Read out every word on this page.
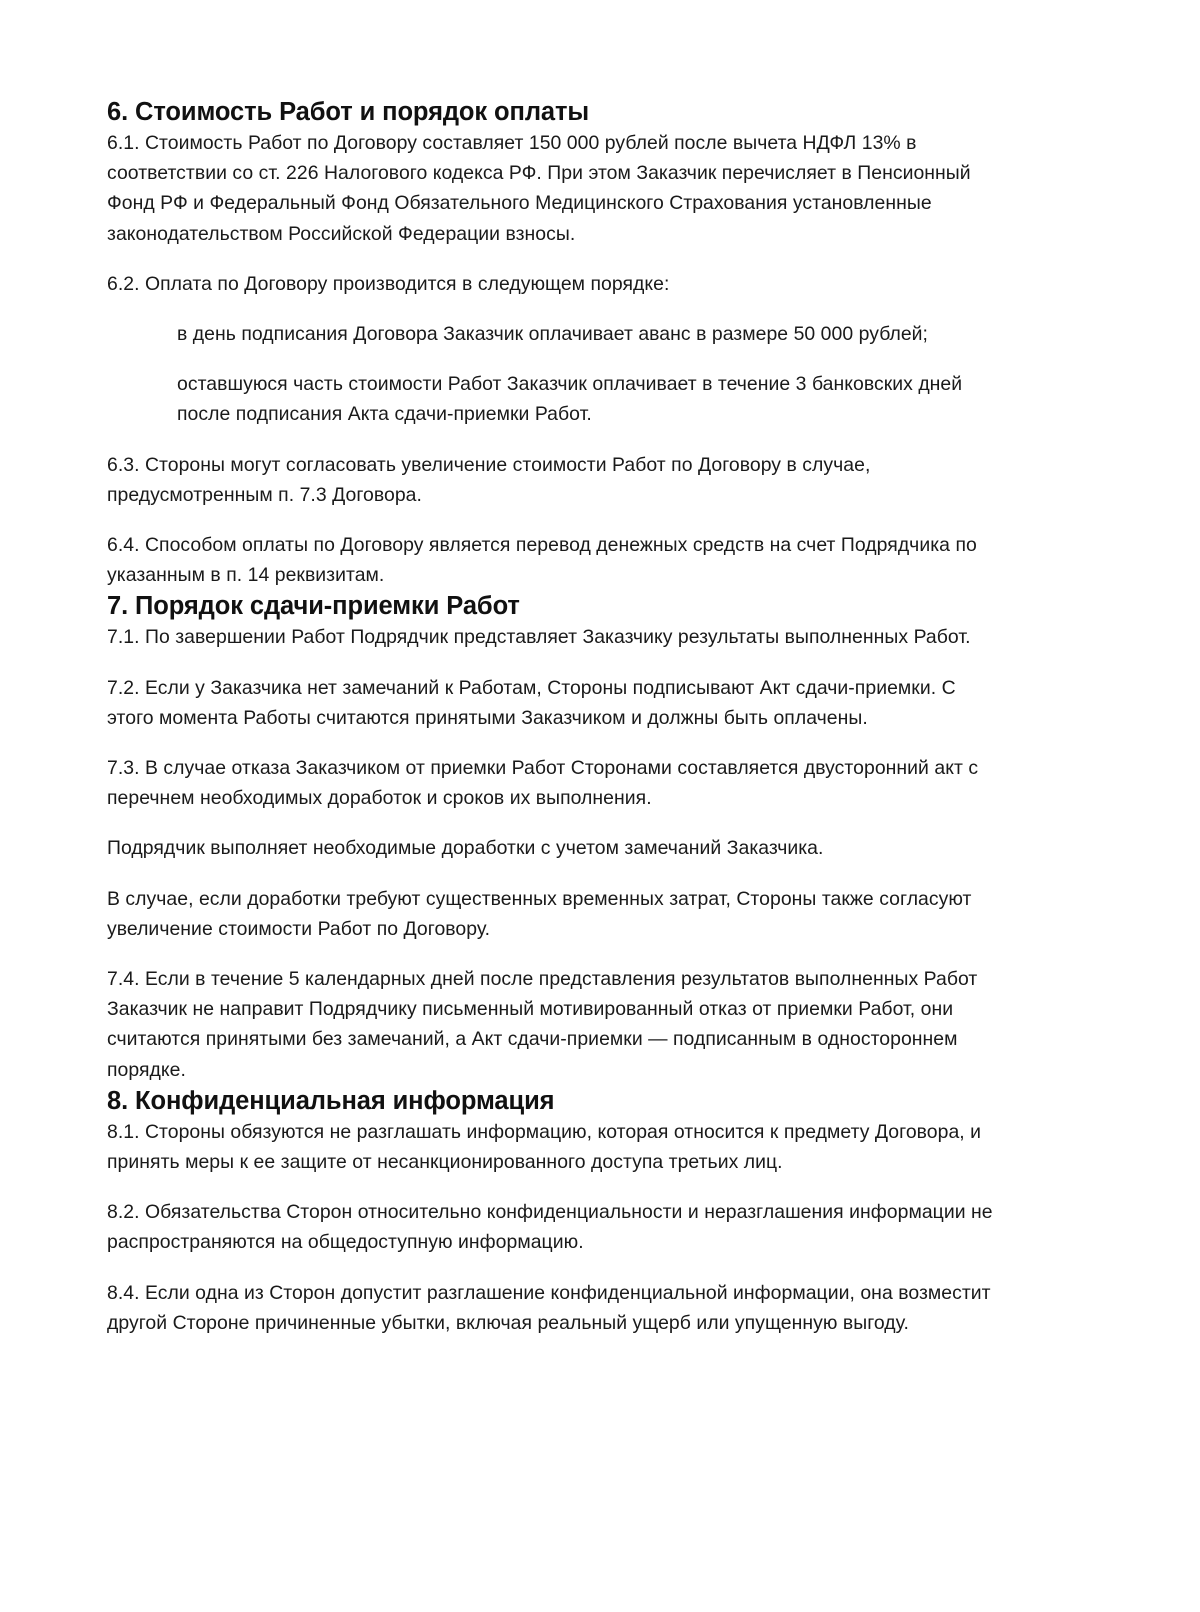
6. Стоимость Работ и порядок оплаты

6.1. Стоимость Работ по Договору составляет 150 000 рублей после вычета НДФЛ 13% в соответствии со ст. 226 Налогового кодекса РФ. При этом Заказчик перечисляет в Пенсионный Фонд РФ и Федеральный Фонд Обязательного Медицинского Страхования установленные законодательством Российской Федерации взносы.

6.2. Оплата по Договору производится в следующем порядке:

в день подписания Договора Заказчик оплачивает аванс в размере 50 000 рублей;

оставшуюся часть стоимости Работ Заказчик оплачивает в течение 3 банковских дней после подписания Акта сдачи-приемки Работ.

6.3. Стороны могут согласовать увеличение стоимости Работ по Договору в случае, предусмотренным п. 7.3 Договора.

6.4. Способом оплаты по Договору является перевод денежных средств на счет Подрядчика по указанным в п. 14 реквизитам.

7. Порядок сдачи-приемки Работ

7.1. По завершении Работ Подрядчик представляет Заказчику результаты выполненных Работ.

7.2. Если у Заказчика нет замечаний к Работам, Стороны подписывают Акт сдачи-приемки. С этого момента Работы считаются принятыми Заказчиком и должны быть оплачены.

7.3. В случае отказа Заказчиком от приемки Работ Сторонами составляется двусторонний акт с перечнем необходимых доработок и сроков их выполнения.

Подрядчик выполняет необходимые доработки с учетом замечаний Заказчика.

В случае, если доработки требуют существенных временных затрат, Стороны также согласуют увеличение стоимости Работ по Договору.

7.4. Если в течение 5 календарных дней после представления результатов выполненных Работ Заказчик не направит Подрядчику письменный мотивированный отказ от приемки Работ, они считаются принятыми без замечаний, а Акт сдачи-приемки — подписанным в одностороннем порядке.

8. Конфиденциальная информация

8.1. Стороны обязуются не разглашать информацию, которая относится к предмету Договора, и принять меры к ее защите от несанкционированного доступа третьих лиц.

8.2. Обязательства Сторон относительно конфиденциальности и неразглашения информации не распространяются на общедоступную информацию.

8.4. Если одна из Сторон допустит разглашение конфиденциальной информации, она возместит другой Стороне причиненные убытки, включая реальный ущерб или упущенную выгоду.
